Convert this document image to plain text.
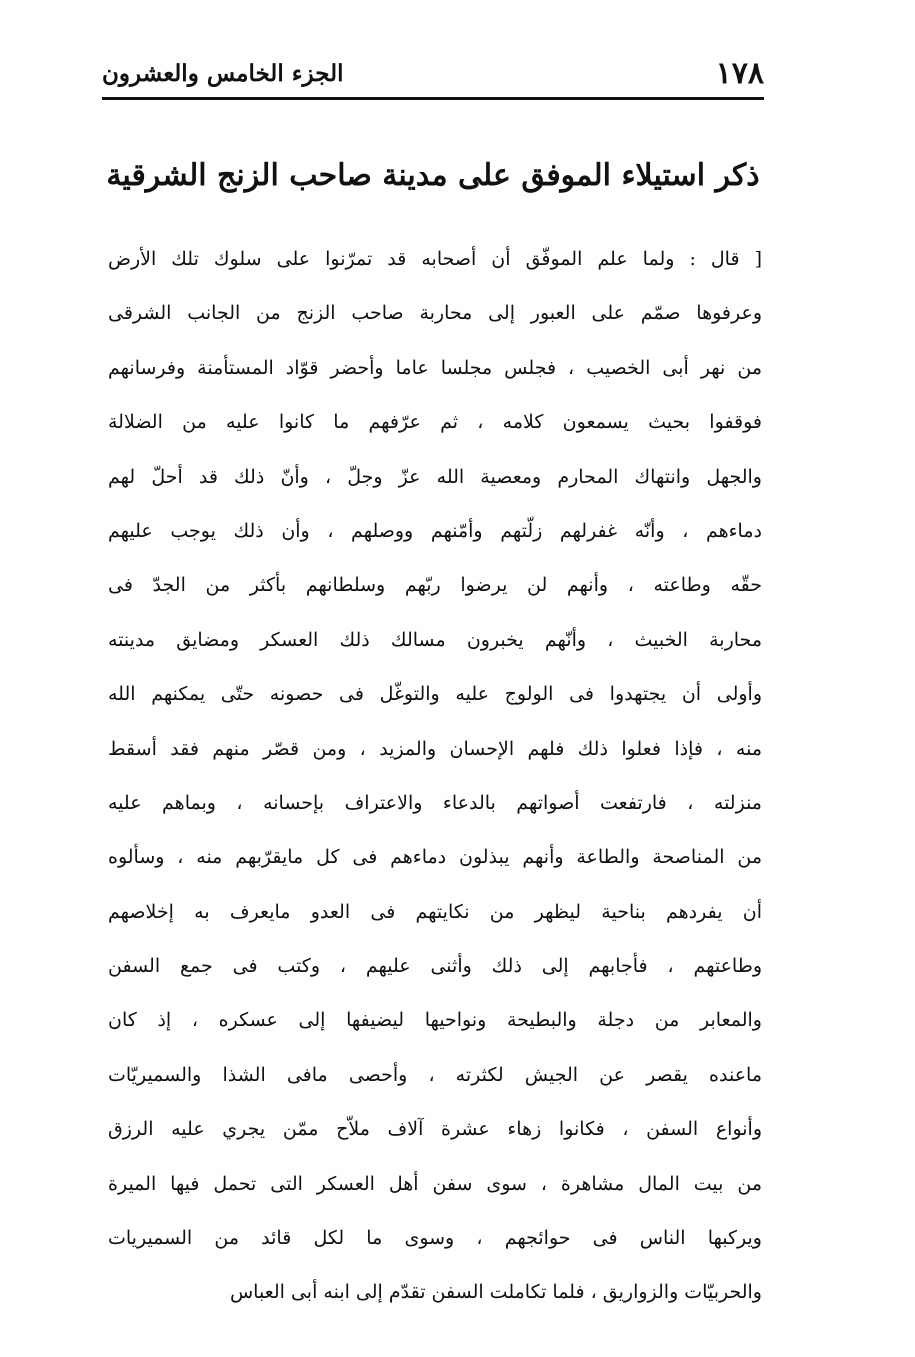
١٧٨
الجزء الخامس والعشرون
ذكر استيلاء الموفق على مدينة صاحب الزنج الشرقية
[ قال : ولما علم الموفّق أن أصحابه قد تمرّنوا على سلوك تلك الأرض
وعرفوها صمّم على العبور إلى محاربة صاحب الزنج من الجانب الشرقى
من نهر أبى الخصيب ، فجلس مجلسا عاما وأحضر قوّاد المستأمنة وفرسانهم
فوقفوا بحيث يسمعون كلامه ، ثم عرّفهم ما كانوا عليه من الضلالة
والجهل وانتهاك المحارم ومعصية الله عزّ وجلّ ، وأنّ ذلك قد أحلّ لهم
دماءهم ، وأنّه غفرلهم زلّتهم وأمّنهم ووصلهم ، وأن ذلك يوجب عليهم
حقّه وطاعته ، وأنهم لن يرضوا ربّهم وسلطانهم بأكثر من الجدّ فى
محاربة الخبيث ، وأنّهم يخبرون مسالك ذلك العسكر ومضايق مدينته
وأولى أن يجتهدوا فى الولوج عليه والتوغّل فى حصونه حتّى يمكنهم الله
منه ، فإذا فعلوا ذلك فلهم الإحسان والمزيد ، ومن قصّر منهم فقد أسقط
منزلته ، فارتفعت أصواتهم بالدعاء والاعتراف بإحسانه ، وبماهم عليه
من المناصحة والطاعة وأنهم يبذلون دماءهم فى كل مايقرّبهم منه ، وسألوه
أن يفردهم بناحية ليظهر من نكايتهم فى العدو مايعرف به إخلاصهم
وطاعتهم ، فأجابهم إلى ذلك وأثنى عليهم ، وكتب فى جمع السفن
والمعابر من دجلة والبطيحة ونواحيها ليضيفها إلى عسكره ، إذ كان
ماعنده يقصر عن الجيش لكثرته ، وأحصى مافى الشذا والسميريّات
وأنواع السفن ، فكانوا زهاء عشرة آلاف ملاّح ممّن يجري عليه الرزق
من بيت المال مشاهرة ، سوى سفن أهل العسكر التى تحمل فيها الميرة
ويركبها الناس فى حوائجهم ، وسوى ما لكل قائد من السميريات
والحربيّات والزواريق ، فلما تكاملت السفن تقدّم إلى ابنه أبى العباس
